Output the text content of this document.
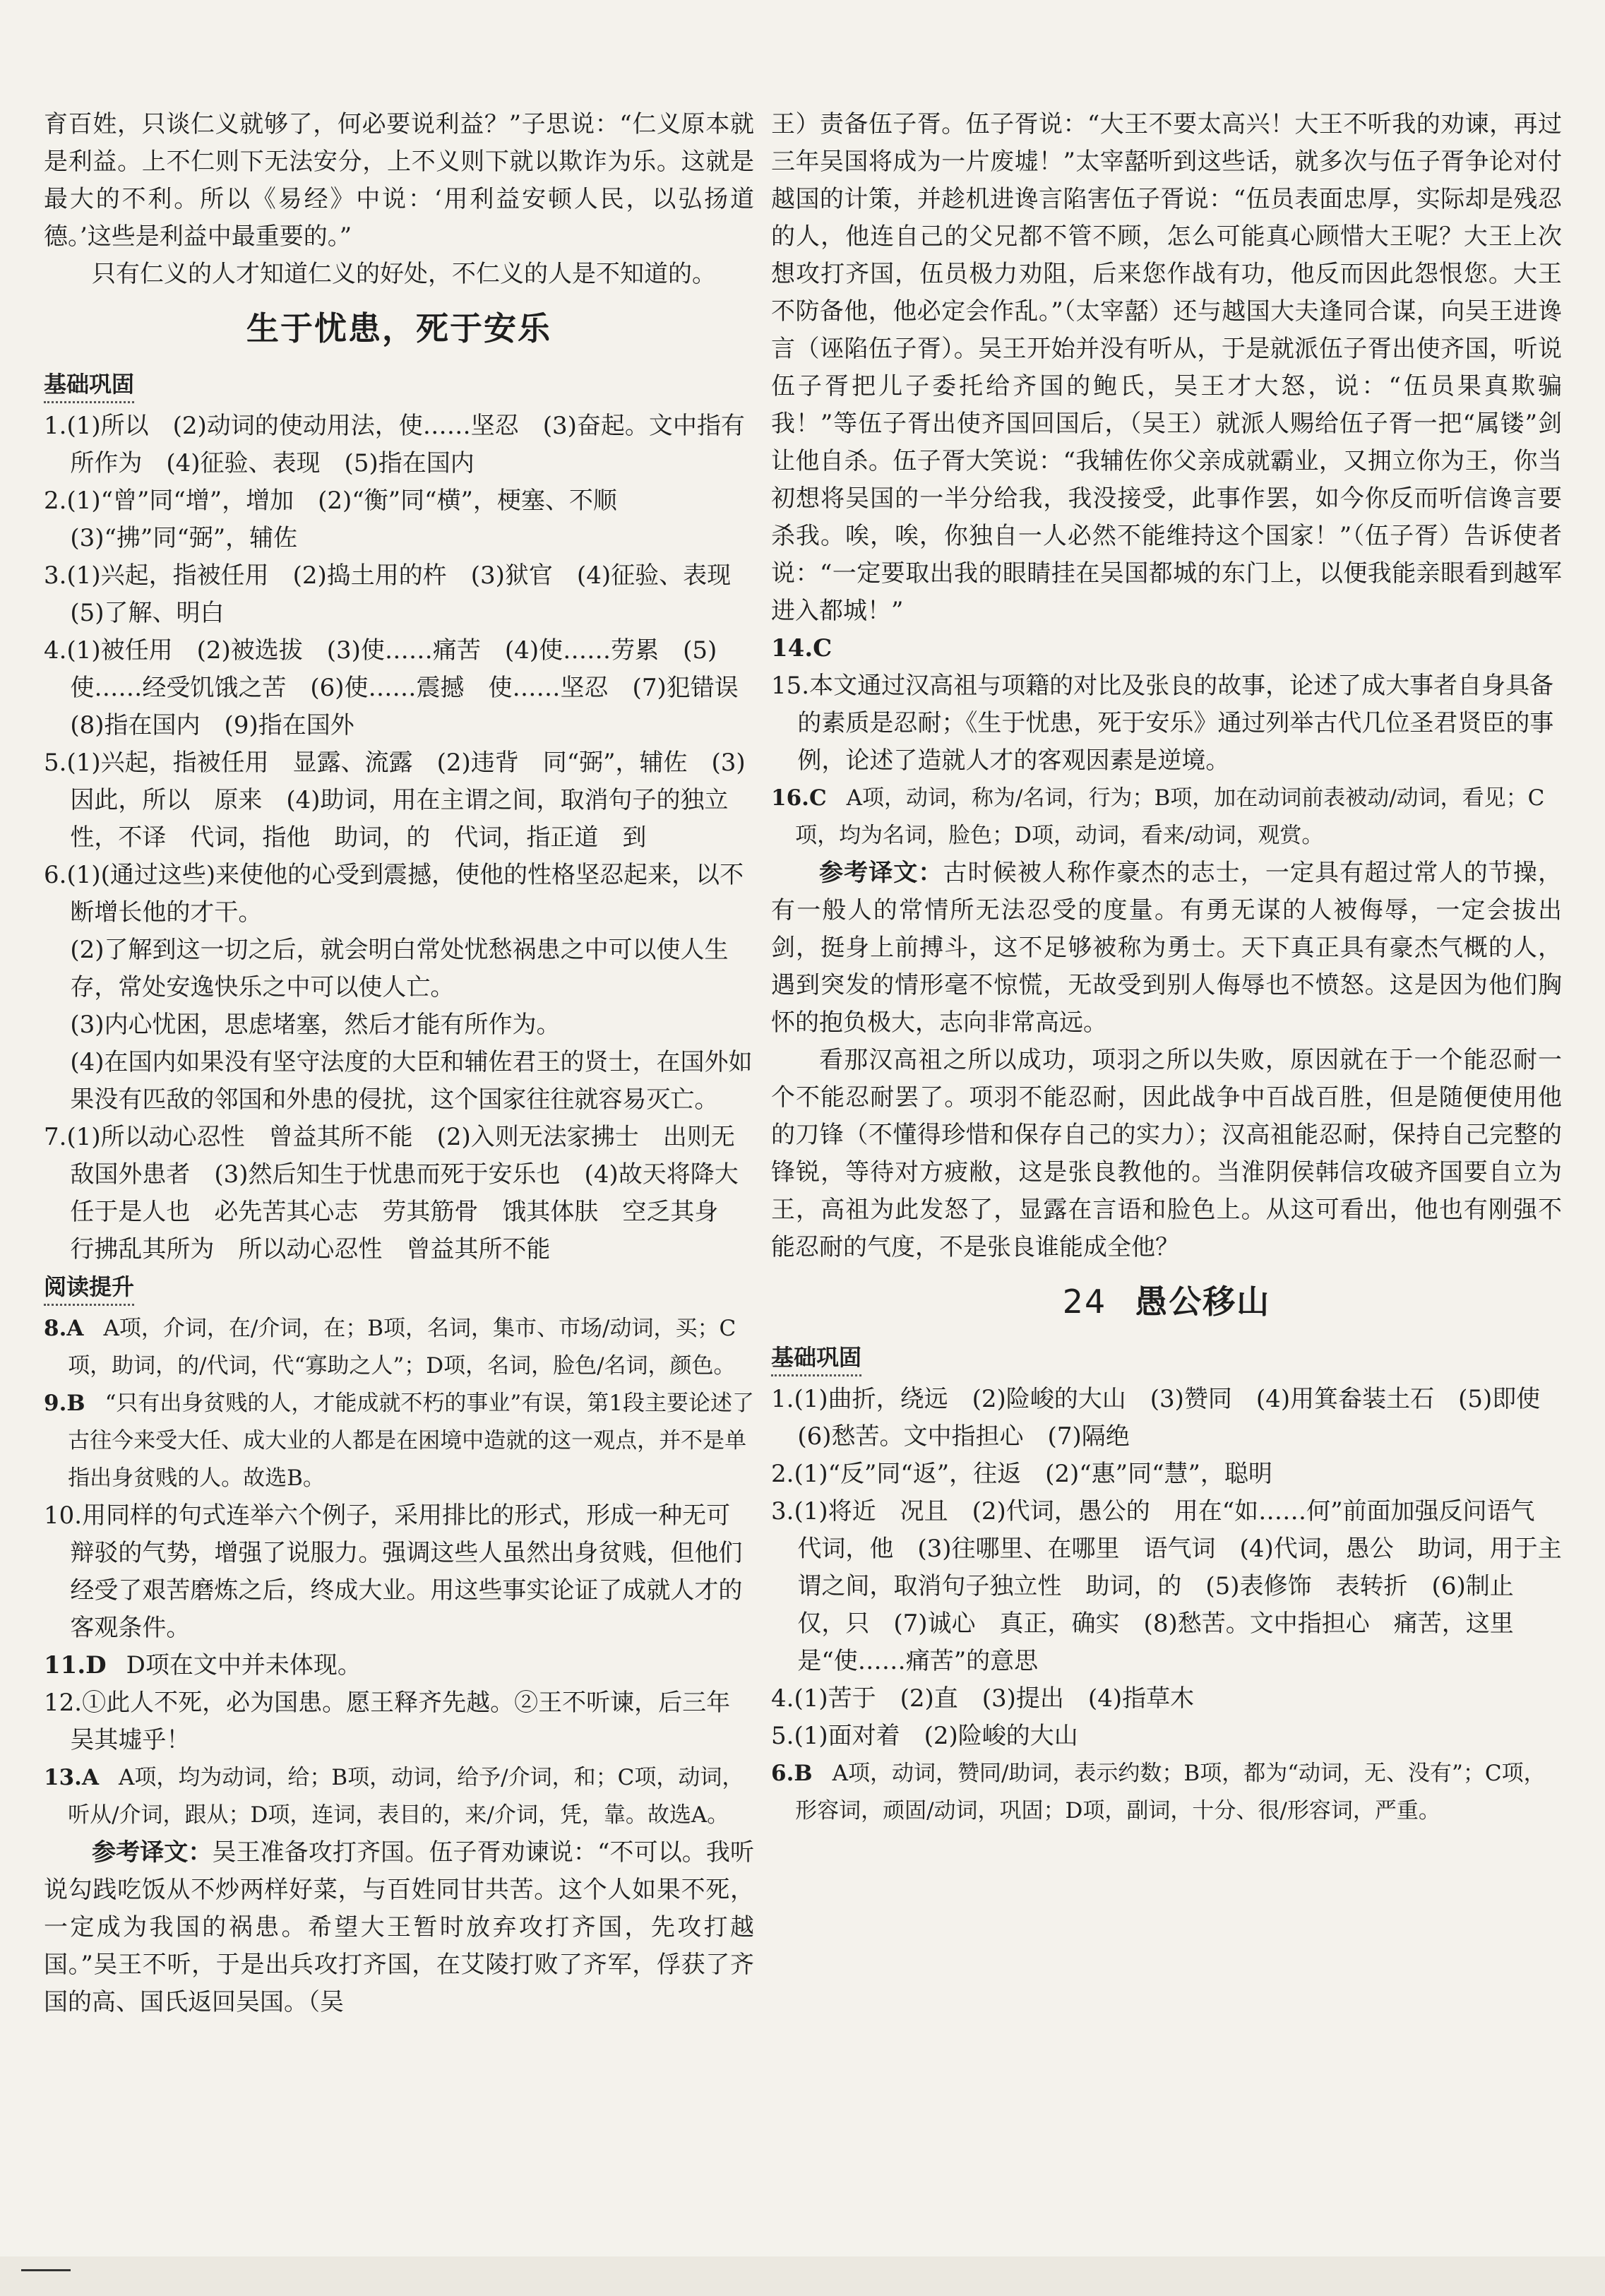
育百姓，只谈仁义就够了，何必要说利益？”子思说：“仁义原本就是利益。上不仁则下无法安分，上不义则下就以欺诈为乐。这就是最大的不利。所以《易经》中说：‘用利益安顿人民，以弘扬道德。’这些是利益中最重要的。”

只有仁义的人才知道仁义的好处，不仁义的人是不知道的。

生于忧患，死于安乐
基础巩固

1.(1)所以　(2)动词的使动用法，使……坚忍　(3)奋起。文中指有所作为　(4)征验、表现　(5)指在国内

2.(1)“曾”同“增”，增加　(2)“衡”同“横”，梗塞、不顺　(3)“拂”同“弼”，辅佐

3.(1)兴起，指被任用　(2)捣土用的杵　(3)狱官　(4)征验、表现　(5)了解、明白

4.(1)被任用　(2)被选拔　(3)使……痛苦　(4)使……劳累　(5)使……经受饥饿之苦　(6)使……震撼　使……坚忍　(7)犯错误　(8)指在国内　(9)指在国外

5.(1)兴起，指被任用　显露、流露　(2)违背　同“弼”，辅佐　(3)因此，所以　原来　(4)助词，用在主谓之间，取消句子的独立性，不译　代词，指他　助词，的　代词，指正道　到

6.(1)(通过这些)来使他的心受到震撼，使他的性格坚忍起来，以不断增长他的才干。

(2)了解到这一切之后，就会明白常处忧愁祸患之中可以使人生存，常处安逸快乐之中可以使人亡。

(3)内心忧困，思虑堵塞，然后才能有所作为。

(4)在国内如果没有坚守法度的大臣和辅佐君王的贤士，在国外如果没有匹敌的邻国和外患的侵扰，这个国家往往就容易灭亡。

7.(1)所以动心忍性　曾益其所不能　(2)入则无法家拂士　出则无敌国外患者　(3)然后知生于忧患而死于安乐也　(4)故天将降大任于是人也　必先苦其心志　劳其筋骨　饿其体肤　空乏其身　行拂乱其所为　所以动心忍性　曾益其所不能

阅读提升

8.A A项，介词，在/介词，在；B项，名词，集市、市场/动词，买；C项，助词，的/代词，代“寡助之人”；D项，名词，脸色/名词，颜色。

9.B “只有出身贫贱的人，才能成就不朽的事业”有误，第1段主要论述了古往今来受大任、成大业的人都是在困境中造就的这一观点，并不是单指出身贫贱的人。故选B。

10.用同样的句式连举六个例子，采用排比的形式，形成一种无可辩驳的气势，增强了说服力。强调这些人虽然出身贫贱，但他们经受了艰苦磨炼之后，终成大业。用这些事实论证了成就人才的客观条件。

11.D D项在文中并未体现。

12.①此人不死，必为国患。愿王释齐先越。②王不听谏，后三年吴其墟乎！

13.A A项，均为动词，给；B项，动词，给予/介词，和；C项，动词，听从/介词，跟从；D项，连词，表目的，来/介词，凭，靠。故选A。

参考译文：吴王准备攻打齐国。伍子胥劝谏说：“不可以。我听说勾践吃饭从不炒两样好菜，与百姓同甘共苦。这个人如果不死，一定成为我国的祸患。希望大王暂时放弃攻打齐国，先攻打越国。”吴王不听，于是出兵攻打齐国，在艾陵打败了齐军，俘获了齐国的高、国氏返回吴国。（吴

王）责备伍子胥。伍子胥说：“大王不要太高兴！大王不听我的劝谏，再过三年吴国将成为一片废墟！”太宰嚭听到这些话，就多次与伍子胥争论对付越国的计策，并趁机进谗言陷害伍子胥说：“伍员表面忠厚，实际却是残忍的人，他连自己的父兄都不管不顾，怎么可能真心顾惜大王呢？大王上次想攻打齐国，伍员极力劝阻，后来您作战有功，他反而因此怨恨您。大王不防备他，他必定会作乱。”（太宰嚭）还与越国大夫逢同合谋，向吴王进谗言（诬陷伍子胥）。吴王开始并没有听从，于是就派伍子胥出使齐国，听说伍子胥把儿子委托给齐国的鲍氏，吴王才大怒，说：“伍员果真欺骗我！”等伍子胥出使齐国回国后，（吴王）就派人赐给伍子胥一把“属镂”剑让他自杀。伍子胥大笑说：“我辅佐你父亲成就霸业，又拥立你为王，你当初想将吴国的一半分给我，我没接受，此事作罢，如今你反而听信谗言要杀我。唉，唉，你独自一人必然不能维持这个国家！”（伍子胥）告诉使者说：“一定要取出我的眼睛挂在吴国都城的东门上，以便我能亲眼看到越军进入都城！”

14.C

15.本文通过汉高祖与项籍的对比及张良的故事，论述了成大事者自身具备的素质是忍耐；《生于忧患，死于安乐》通过列举古代几位圣君贤臣的事例，论述了造就人才的客观因素是逆境。

16.C A项，动词，称为/名词，行为；B项，加在动词前表被动/动词，看见；C项，均为名词，脸色；D项，动词，看来/动词，观赏。

参考译文：古时候被人称作豪杰的志士，一定具有超过常人的节操，有一般人的常情所无法忍受的度量。有勇无谋的人被侮辱，一定会拔出剑，挺身上前搏斗，这不足够被称为勇士。天下真正具有豪杰气概的人，遇到突发的情形毫不惊慌，无故受到别人侮辱也不愤怒。这是因为他们胸怀的抱负极大，志向非常高远。

看那汉高祖之所以成功，项羽之所以失败，原因就在于一个能忍耐一个不能忍耐罢了。项羽不能忍耐，因此战争中百战百胜，但是随便使用他的刀锋（不懂得珍惜和保存自己的实力）；汉高祖能忍耐，保持自己完整的锋锐，等待对方疲敝，这是张良教他的。当淮阴侯韩信攻破齐国要自立为王，高祖为此发怒了，显露在言语和脸色上。从这可看出，他也有刚强不能忍耐的气度，不是张良谁能成全他？

24 愚公移山
基础巩固

1.(1)曲折，绕远　(2)险峻的大山　(3)赞同　(4)用箕畚装土石　(5)即使　(6)愁苦。文中指担心　(7)隔绝

2.(1)“反”同“返”，往返　(2)“惠”同“慧”，聪明

3.(1)将近　况且　(2)代词，愚公的　用在“如……何”前面加强反问语气　代词，他　(3)往哪里、在哪里　语气词　(4)代词，愚公　助词，用于主谓之间，取消句子独立性　助词，的　(5)表修饰　表转折　(6)制止　仅，只　(7)诚心　真正，确实　(8)愁苦。文中指担心　痛苦，这里是“使……痛苦”的意思

4.(1)苦于　(2)直　(3)提出　(4)指草木

5.(1)面对着　(2)险峻的大山

6.B A项，动词，赞同/助词，表示约数；B项，都为“动词，无、没有”；C项，形容词，顽固/动词，巩固；D项，副词，十分、很/形容词，严重。
